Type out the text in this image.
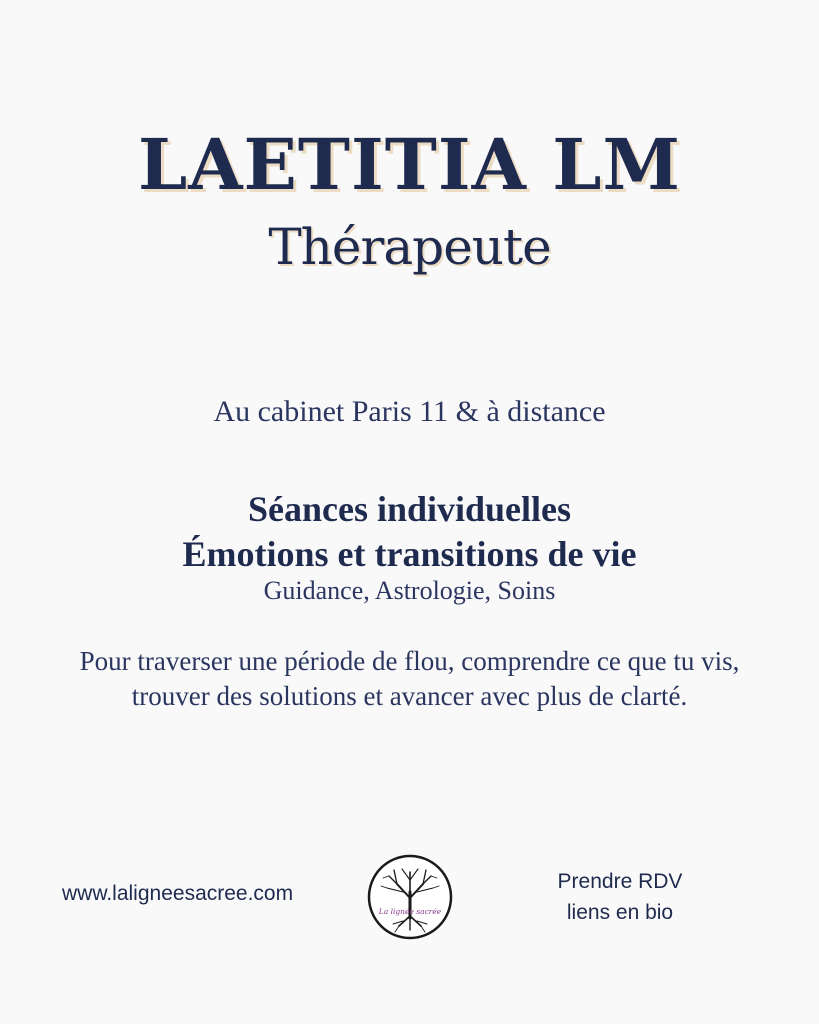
LAETITIA LM
Thérapeute
Au cabinet Paris 11 & à distance
Séances individuelles
Émotions et transitions de vie
Guidance, Astrologie, Soins
Pour traverser une période de flou, comprendre ce que tu vis, trouver des solutions et avancer avec plus de clarté.
www.laligneesacree.com
La lignée sacrée
Prendre RDV
liens en bio
